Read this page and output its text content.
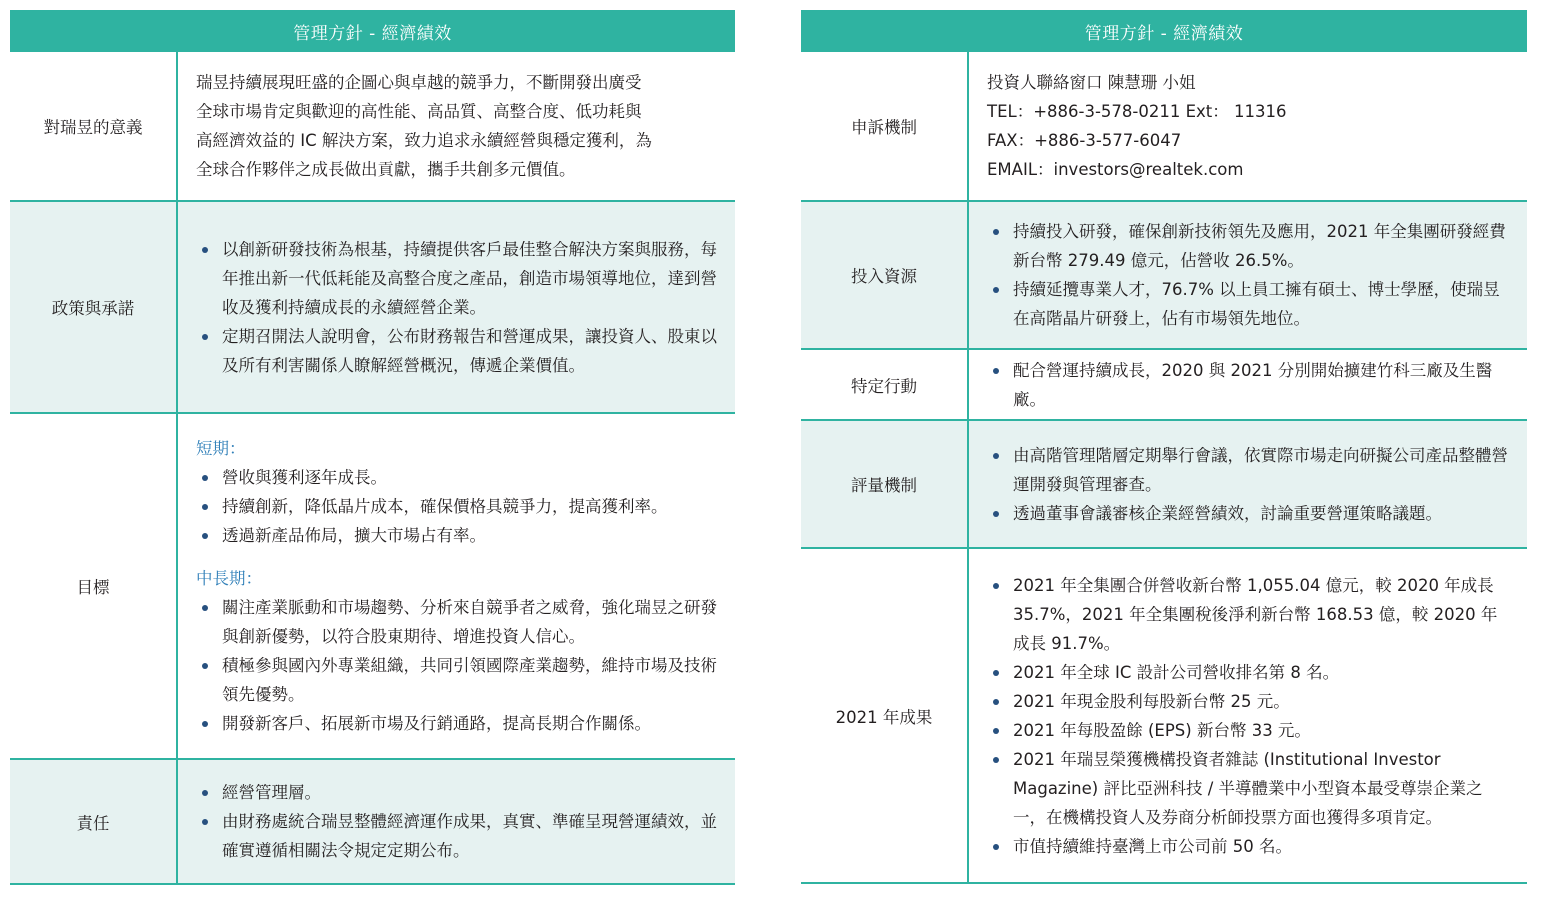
管理方針 - 經濟績效
對瑞昱的意義

瑞昱持續展現旺盛的企圖心與卓越的競爭力，不斷開發出廣受

全球市場肯定與歡迎的高性能、高品質、高整合度、低功耗與

高經濟效益的 IC 解決方案，致力追求永續經營與穩定獲利，為

全球合作夥伴之成長做出貢獻，攜手共創多元價值。

政策與承諾
以創新研發技術為根基，持續提供客戶最佳整合解決方案與服務，每年推出新一代低耗能及高整合度之產品，創造市場領導地位，達到營收及獲利持續成長的永續經營企業。
定期召開法人說明會，公布財務報告和營運成果，讓投資人、股東以及所有利害關係人瞭解經營概況，傳遞企業價值。
目標
短期：
營收與獲利逐年成長。
持續創新，降低晶片成本，確保價格具競爭力，提高獲利率。
透過新產品佈局，擴大市場占有率。
中長期：
關注產業脈動和市場趨勢、分析來自競爭者之威脅，強化瑞昱之研發與創新優勢，以符合股東期待、增進投資人信心。
積極參與國內外專業組織，共同引領國際產業趨勢，維持市場及技術領先優勢。
開發新客戶、拓展新市場及行銷通路，提高長期合作關係。
責任
經營管理層。
由財務處統合瑞昱整體經濟運作成果，真實、準確呈現營運績效，並確實遵循相關法令規定定期公布。
管理方針 - 經濟績效
申訴機制

投資人聯絡窗口 陳慧珊 小姐

TEL：+886-3-578-0211 Ext： 11316

FAX：+886-3-577-6047

EMAIL：investors@realtek.com

投入資源
持續投入研發，確保創新技術領先及應用，2021 年全集團研發經費新台幣 279.49 億元，佔營收 26.5%。
持續延攬專業人才，76.7% 以上員工擁有碩士、博士學歷，使瑞昱在高階晶片研發上，佔有市場領先地位。
特定行動
配合營運持續成長，2020 與 2021 分別開始擴建竹科三廠及生醫廠。
評量機制
由高階管理階層定期舉行會議，依實際市場走向研擬公司產品整體營運開發與管理審查。
透過董事會議審核企業經營績效，討論重要營運策略議題。
2021 年成果
2021 年全集團合併營收新台幣 1,055.04 億元，較 2020 年成長 35.7%，2021 年全集團稅後淨利新台幣 168.53 億，較 2020 年成長 91.7%。
2021 年全球 IC 設計公司營收排名第 8 名。
2021 年現金股利每股新台幣 25 元。
2021 年每股盈餘 (EPS) 新台幣 33 元。
2021 年瑞昱榮獲機構投資者雜誌 (Institutional Investor Magazine) 評比亞洲科技 / 半導體業中小型資本最受尊崇企業之一，在機構投資人及券商分析師投票方面也獲得多項肯定。
市值持續維持臺灣上市公司前 50 名。
